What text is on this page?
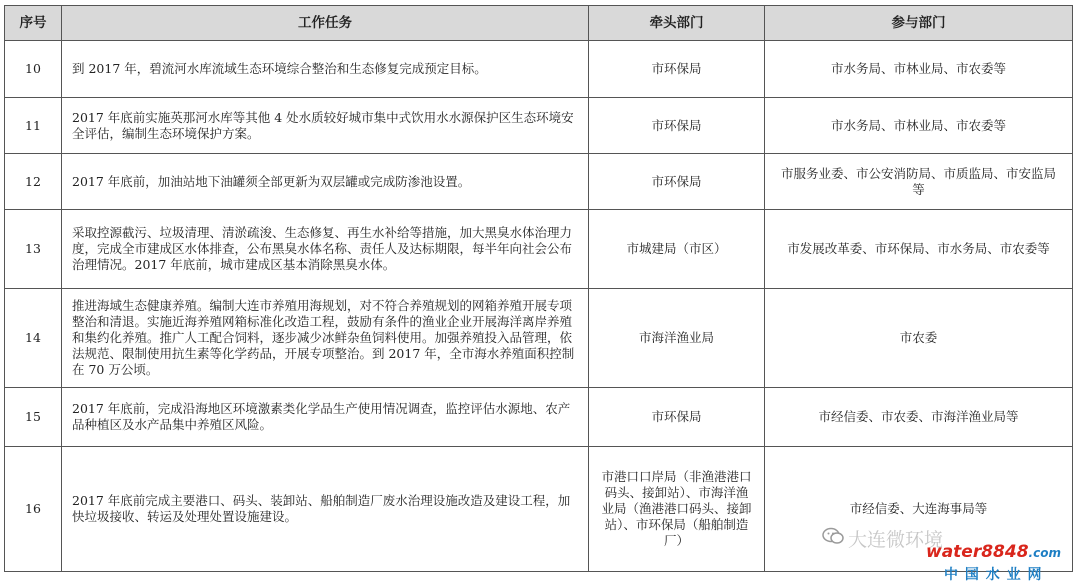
序号	工作任务	牵头部门	参与部门
10	到 2017 年，碧流河水库流域生态环境综合整治和生态修复完成预定目标。	市环保局	市水务局、市林业局、市农委等
11	2017 年底前实施英那河水库等其他 4 处水质较好城市集中式饮用水水源保护区生态环境安全评估，编制生态环境保护方案。	市环保局	市水务局、市林业局、市农委等
12	2017 年底前，加油站地下油罐须全部更新为双层罐或完成防渗池设置。	市环保局	市服务业委、市公安消防局、市质监局、市安监局等
13	采取控源截污、垃圾清理、清淤疏浚、生态修复、再生水补给等措施，加大黑臭水体治理力度，完成全市建成区水体排查，公布黑臭水体名称、责任人及达标期限，每半年向社会公布治理情况。2017 年底前，城市建成区基本消除黑臭水体。	市城建局（市区）	市发展改革委、市环保局、市水务局、市农委等
14	推进海域生态健康养殖。编制大连市养殖用海规划，对不符合养殖规划的网箱养殖开展专项整治和清退。实施近海养殖网箱标准化改造工程，鼓励有条件的渔业企业开展海洋离岸养殖和集约化养殖。推广人工配合饲料，逐步减少冰鲜杂鱼饲料使用。加强养殖投入品管理，依法规范、限制使用抗生素等化学药品，开展专项整治。到 2017 年，全市海水养殖面积控制在 70 万公顷。	市海洋渔业局	市农委
15	2017 年底前，完成沿海地区环境激素类化学品生产使用情况调查，监控评估水源地、农产品种植区及水产品集中养殖区风险。	市环保局	市经信委、市农委、市海洋渔业局等
16	2017 年底前完成主要港口、码头、装卸站、船舶制造厂废水治理设施改造及建设工程，加快垃圾接收、转运及处理处置设施建设。	市港口口岸局（非渔港港口码头、接卸站）、市海洋渔业局（渔港港口码头、接卸站）、市环保局（船舶制造厂）	市经信委、大连海事局等
大连微环境
water8848.com
中 国 水 业 网
